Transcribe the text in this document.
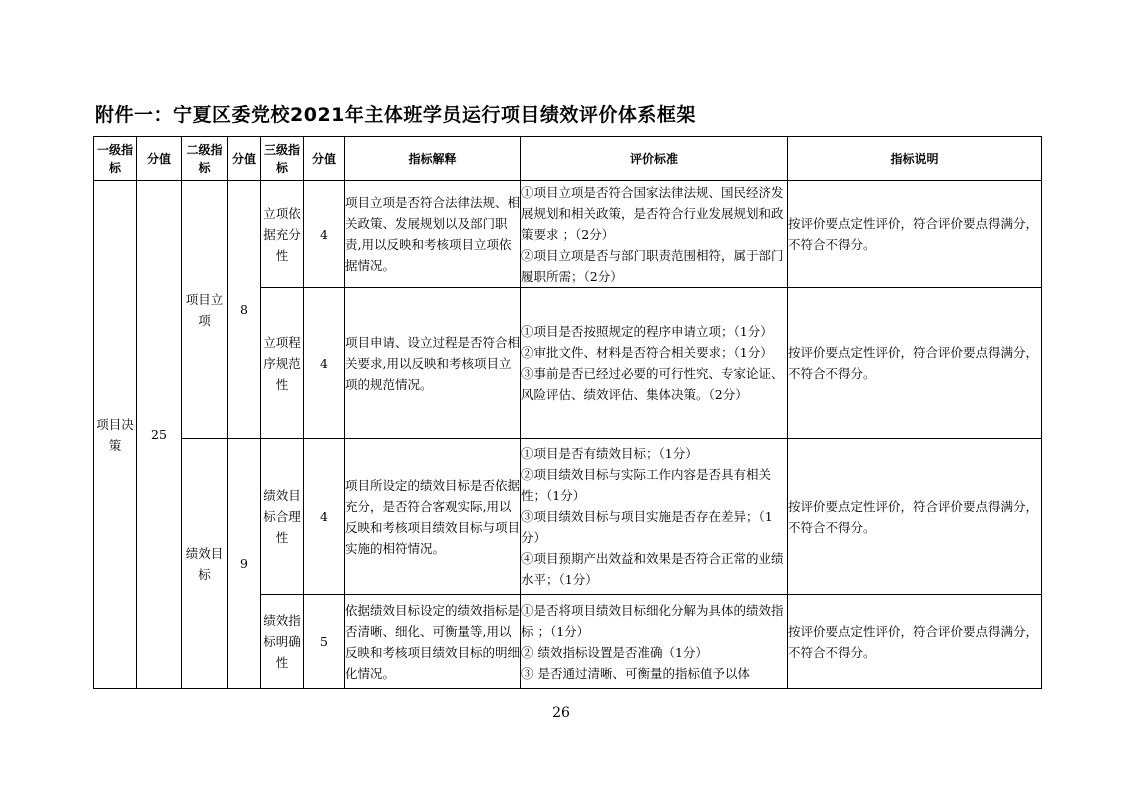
附件一：宁夏区委党校2021年主体班学员运行项目绩效评价体系框架
一级指标	分值	二级指标	分值	三级指标	分值	指标解释	评价标准	指标说明
项目决策	25	项目立项	8	立项依据充分性	4	项目立项是否符合法律法规、相关政策、发展规划以及部门职责,用以反映和考核项目立项依据情况。	①项目立项是否符合国家法律法规、国民经济发展规划和相关政策，是否符合行业发展规划和政策要求 ；（2分）
②项目立项是否与部门职责范围相符，属于部门履职所需；（2分）	按评价要点定性评价，符合评价要点得满分，不符合不得分。
				立项程序规范性	4	项目申请、设立过程是否符合相关要求,用以反映和考核项目立项的规范情况。	①项目是否按照规定的程序申请立项；（1分）
②审批文件、材料是否符合相关要求；（1分）
③事前是否已经过必要的可行性究、专家论证、风险评估、绩效评估、集体决策。（2分）	按评价要点定性评价，符合评价要点得满分，不符合不得分。
		绩效目标	9	绩效目标合理性	4	项目所设定的绩效目标是否依据充分，是否符合客观实际,用以反映和考核项目绩效目标与项目实施的相符情况。	①项目是否有绩效目标；（1分）
②项目绩效目标与实际工作内容是否具有相关性；（1分）
③项目绩效目标与项目实施是否存在差异；（1分）
④项目预期产出效益和效果是否符合正常的业绩水平；（1分）	按评价要点定性评价，符合评价要点得满分，不符合不得分。
				绩效指标明确性	5	依据绩效目标设定的绩效指标是否清晰、细化、可衡量等,用以反映和考核项目绩效目标的明细化情况。	①是否将项目绩效目标细化分解为具体的绩效指标 ；（1分）
② 绩效指标设置是否准确（1分）
③ 是否通过清晰、可衡量的指标值予以体	按评价要点定性评价，符合评价要点得满分，不符合不得分。
26
